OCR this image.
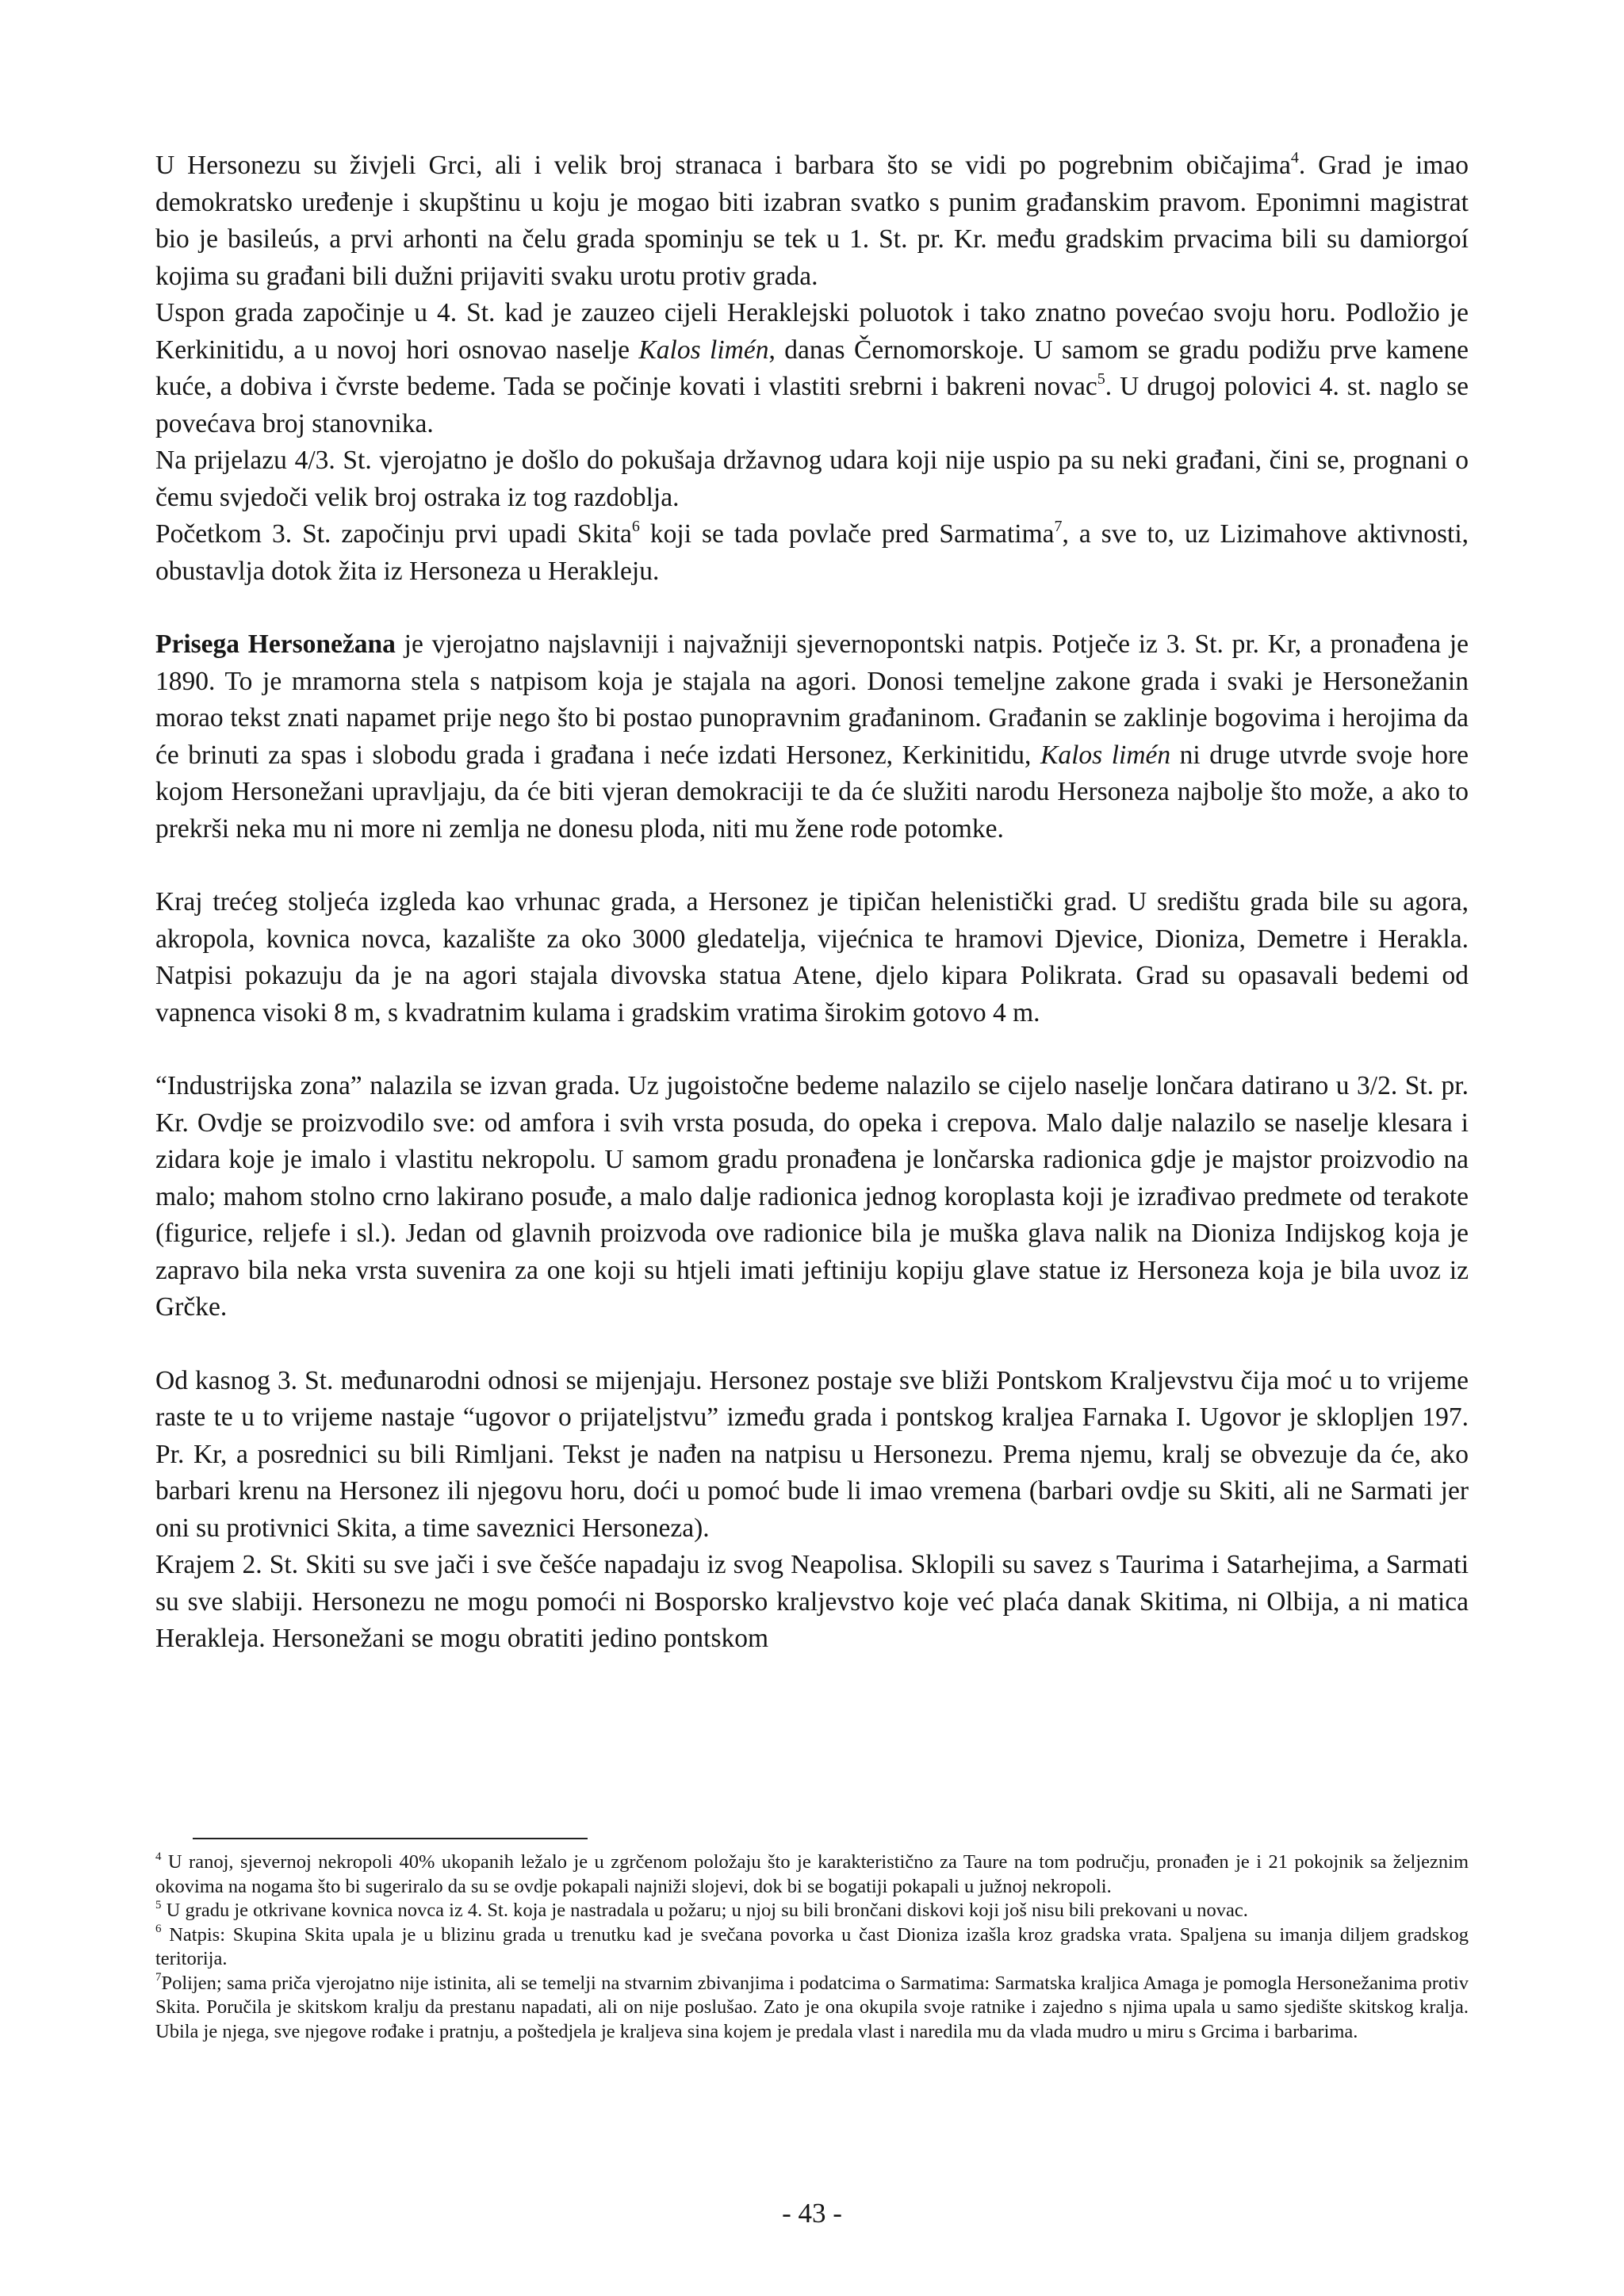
U Hersonezu su živjeli Grci, ali i velik broj stranaca i barbara što se vidi po pogrebnim običajima$^4$. Grad je imao demokratsko uređenje i skupštinu u koju je mogao biti izabran svatko s punim građanskim pravom. Eponimni magistrat bio je basileús, a prvi arhonti na čelu grada spominju se tek u 1. St. pr. Kr. među gradskim prvacima bili su damiorgoí kojima su građani bili dužni prijaviti svaku urotu protiv grada.

Uspon grada započinje u 4. St. kad je zauzeo cijeli Heraklejski poluotok i tako znatno povećao svoju horu. Podložio je Kerkinitidu, a u novoj hori osnovao naselje Kalos limén, danas Černomorskoje. U samom se gradu podižu prve kamene kuće, a dobiva i čvrste bedeme. Tada se počinje kovati i vlastiti srebrni i bakreni novac$^5$. U drugoj polovici 4. st. naglo se povećava broj stanovnika.

Na prijelazu 4/3. St. vjerojatno je došlo do pokušaja državnog udara koji nije uspio pa su neki građani, čini se, prognani o čemu svjedoči velik broj ostraka iz tog razdoblja.

Početkom 3. St. započinju prvi upadi Skita$^6$ koji se tada povlače pred Sarmatima$^7$, a sve to, uz Lizimahove aktivnosti, obustavlja dotok žita iz Hersoneza u Herakleju.

Prisega Hersonežana je vjerojatno najslavniji i najvažniji sjevernopontski natpis. Potječe iz 3. St. pr. Kr, a pronađena je 1890. To je mramorna stela s natpisom koja je stajala na agori. Donosi temeljne zakone grada i svaki je Hersonežanin morao tekst znati napamet prije nego što bi postao punopravnim građaninom. Građanin se zaklinje bogovima i herojima da će brinuti za spas i slobodu grada i građana i neće izdati Hersonez, Kerkinitidu, Kalos limén ni druge utvrde svoje hore kojom Hersonežani upravljaju, da će biti vjeran demokraciji te da će služiti narodu Hersoneza najbolje što može, a ako to prekrši neka mu ni more ni zemlja ne donesu ploda, niti mu žene rode potomke.

Kraj trećeg stoljeća izgleda kao vrhunac grada, a Hersonez je tipičan helenistički grad. U središtu grada bile su agora, akropola, kovnica novca, kazalište za oko 3000 gledatelja, vijećnica te hramovi Djevice, Dioniza, Demetre i Herakla. Natpisi pokazuju da je na agori stajala divovska statua Atene, djelo kipara Polikrata. Grad su opasavali bedemi od vapnenca visoki 8 m, s kvadratnim kulama i gradskim vratima širokim gotovo 4 m.

“Industrijska zona” nalazila se izvan grada. Uz jugoistočne bedeme nalazilo se cijelo naselje lončara datirano u 3/2. St. pr. Kr. Ovdje se proizvodilo sve: od amfora i svih vrsta posuda, do opeka i crepova. Malo dalje nalazilo se naselje klesara i zidara koje je imalo i vlastitu nekropolu. U samom gradu pronađena je lončarska radionica gdje je majstor proizvodio na malo; mahom stolno crno lakirano posuđe, a malo dalje radionica jednog koroplasta koji je izrađivao predmete od terakote (figurice, reljefe i sl.). Jedan od glavnih proizvoda ove radionice bila je muška glava nalik na Dioniza Indijskog koja je zapravo bila neka vrsta suvenira za one koji su htjeli imati jeftiniju kopiju glave statue iz Hersoneza koja je bila uvoz iz Grčke.

Od kasnog 3. St. međunarodni odnosi se mijenjaju. Hersonez postaje sve bliži Pontskom Kraljevstvu čija moć u to vrijeme raste te u to vrijeme nastaje “ugovor o prijateljstvu” između grada i pontskog kraljea Farnaka I. Ugovor je sklopljen 197. Pr. Kr, a posrednici su bili Rimljani. Tekst je nađen na natpisu u Hersonezu. Prema njemu, kralj se obvezuje da će, ako barbari krenu na Hersonez ili njegovu horu, doći u pomoć bude li imao vremena (barbari ovdje su Skiti, ali ne Sarmati jer oni su protivnici Skita, a time saveznici Hersoneza).

Krajem 2. St. Skiti su sve jači i sve češće napadaju iz svog Neapolisa. Sklopili su savez s Taurima i Satarhejima, a Sarmati su sve slabiji. Hersonezu ne mogu pomoći ni Bosporsko kraljevstvo koje već plaća danak Skitima, ni Olbija, a ni matica Herakleja. Hersonežani se mogu obratiti jedino pontskom

$^4$ U ranoj, sjevernoj nekropoli 40% ukopanih ležalo je u zgrčenom položaju što je karakteristično za Taure na tom području, pronađen je i 21 pokojnik sa željeznim okovima na nogama što bi sugeriralo da su se ovdje pokapali najniži slojevi, dok bi se bogatiji pokapali u južnoj nekropoli.

$^5$ U gradu je otkrivane kovnica novca iz 4. St. koja je nastradala u požaru; u njoj su bili brončani diskovi koji još nisu bili prekovani u novac.

$^6$ Natpis: Skupina Skita upala je u blizinu grada u trenutku kad je svečana povorka u čast Dioniza izašla kroz gradska vrata. Spaljena su imanja diljem gradskog teritorija.

$^7$Polijen; sama priča vjerojatno nije istinita, ali se temelji na stvarnim zbivanjima i podatcima o Sarmatima: Sarmatska kraljica Amaga je pomogla Hersonežanima protiv Skita. Poručila je skitskom kralju da prestanu napadati, ali on nije poslušao. Zato je ona okupila svoje ratnike i zajedno s njima upala u samo sjedište skitskog kralja. Ubila je njega, sve njegove rođake i pratnju, a poštedjela je kraljeva sina kojem je predala vlast i naredila mu da vlada mudro u miru s Grcima i barbarima.

- 43 -
